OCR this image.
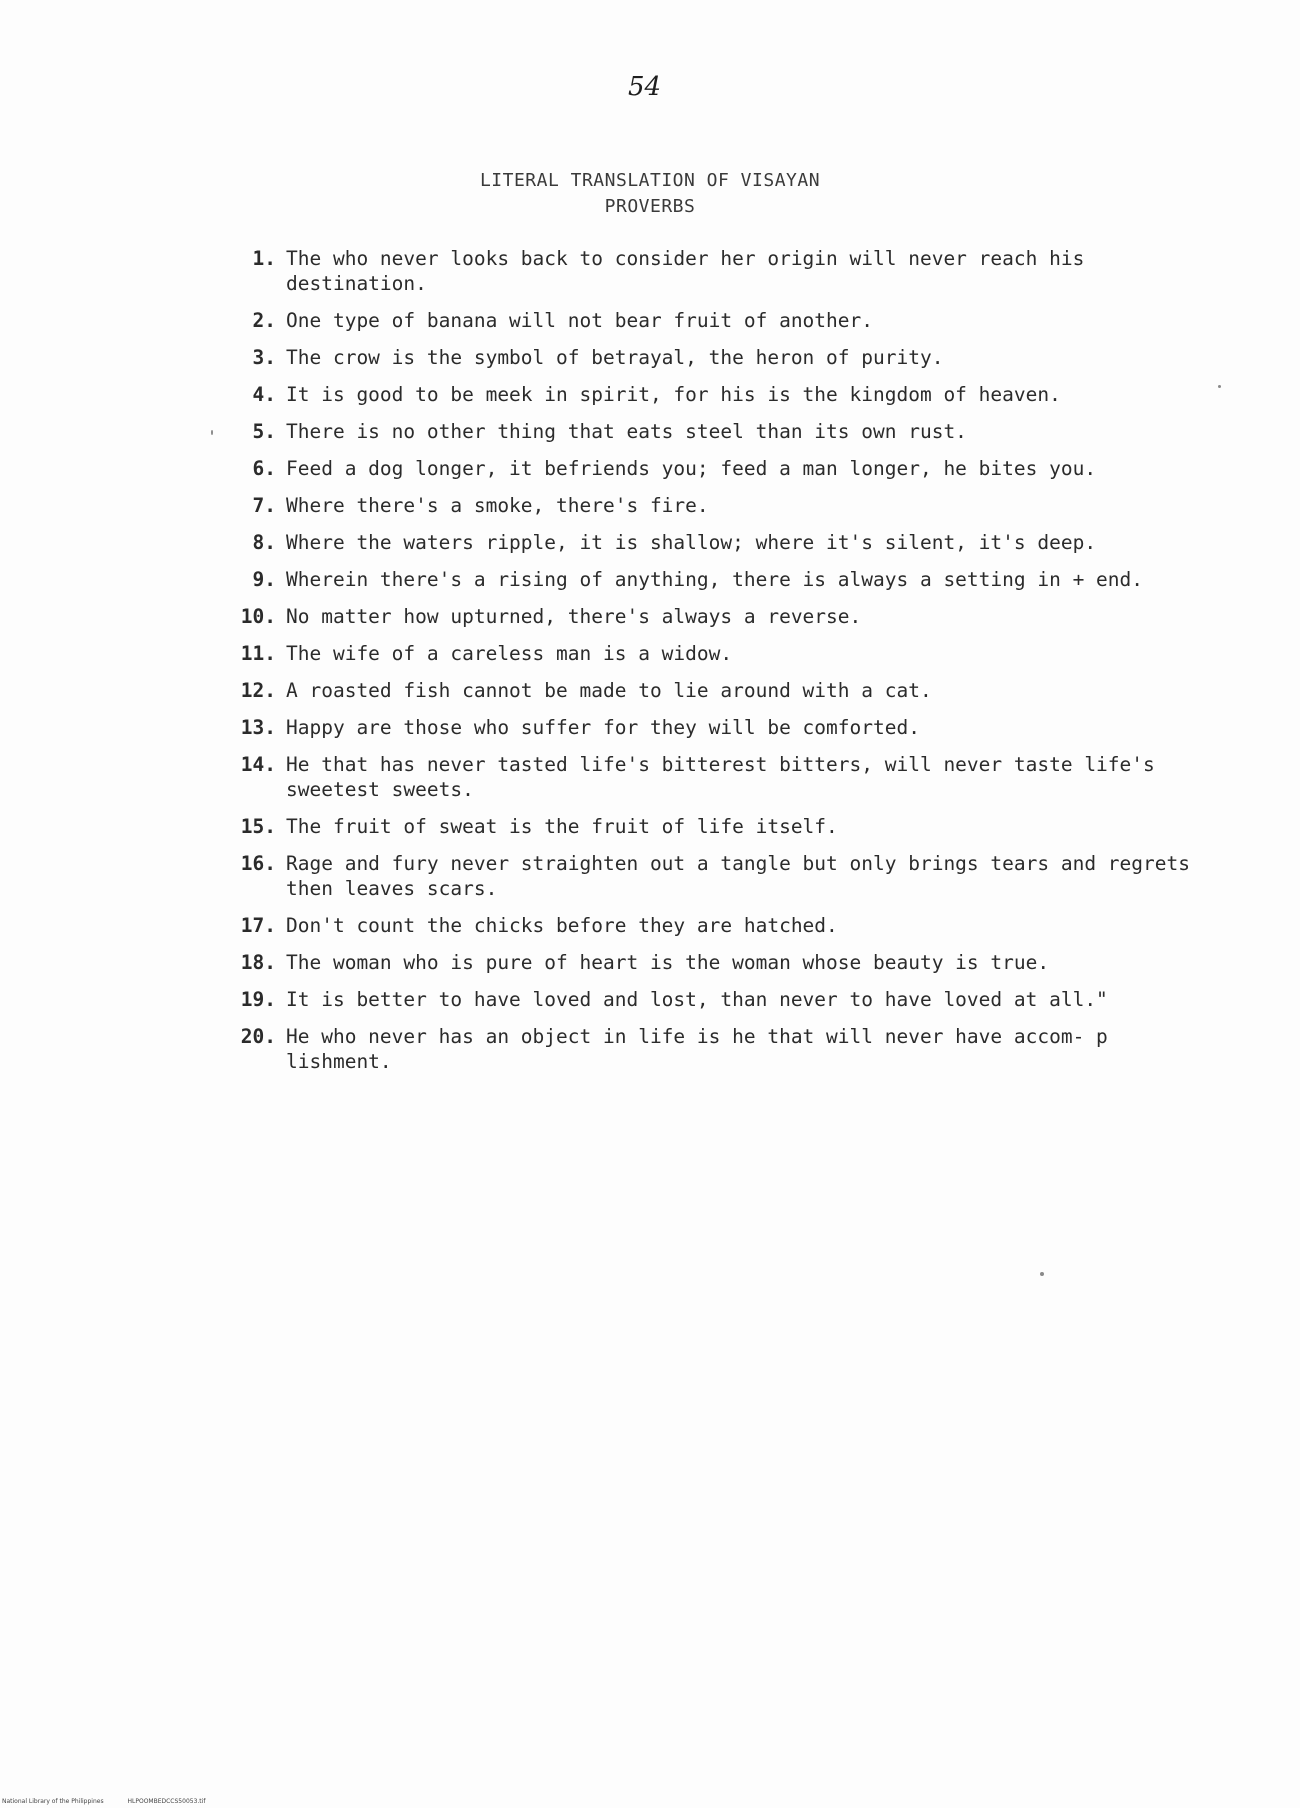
54
LITERAL TRANSLATION OF VISAYAN
PROVERBS
1. The who never looks back to consider her origin will never reach his destination.
2. One type of banana will not bear fruit of another.
3. The crow is the symbol of betrayal, the heron of purity.
4. It is good to be meek in spirit, for his is the kingdom of heaven.
5. There is no other thing that eats steel than its own rust.
6. Feed a dog longer, it befriends you; feed a man longer, he bites you.
7. Where there's a smoke, there's fire.
8. Where the waters ripple, it is shallow; where it's silent, it's deep.
9. Wherein there's a rising of anything, there is always a setting in + end.
10. No matter how upturned, there's always a reverse.
11. The wife of a careless man is a widow.
12. A roasted fish cannot be made to lie around with a cat.
13. Happy are those who suffer for they will be comforted.
14. He that has never tasted life's bitterest bitters, will never taste life's sweetest sweets.
15. The fruit of sweat is the fruit of life itself.
16. Rage and fury never straighten out a tangle but only brings tears and regrets then leaves scars.
17. Don't count the chicks before they are hatched.
18. The woman who is pure of heart is the woman whose beauty is true.
19. It is better to have loved and lost, than never to have loved at all."
20. He who never has an object in life is he that will never have accom- p lishment.
National Library of the Philippines	HLPOOMBEDCCS50053.tif
